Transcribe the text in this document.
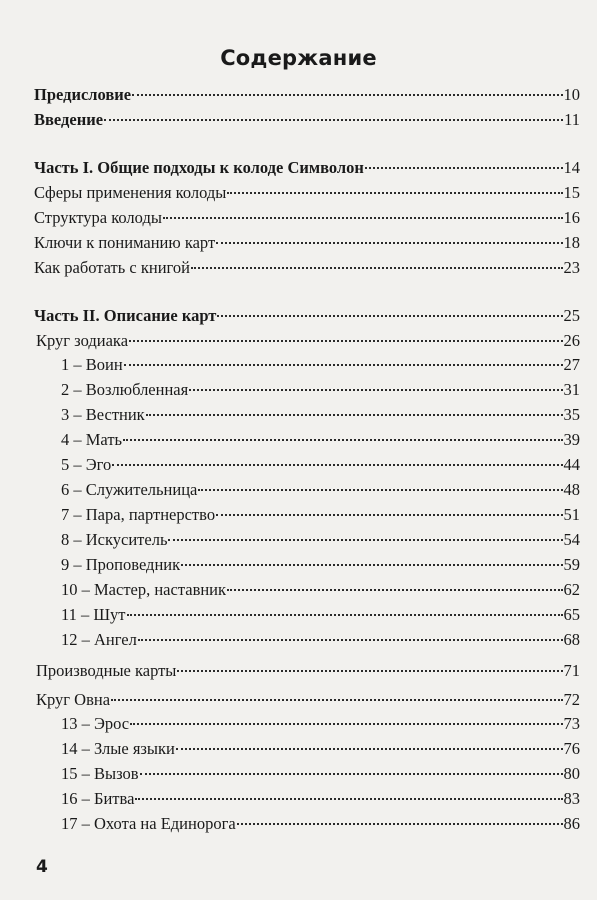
Содержание
Предисловие	10
Введение	11
Часть I. Общие подходы к колоде Символон	14
Сферы применения колоды	15
Структура колоды	16
Ключи к пониманию карт	18
Как работать с книгой	23
Часть II. Описание карт	25
Круг зодиака	26
1 – Воин	27
2 – Возлюбленная	31
3 – Вестник	35
4 – Мать	39
5 – Эго	44
6 – Служительница	48
7 – Пара, партнерство	51
8 – Искуситель	54
9 – Проповедник	59
10 – Мастер, наставник	62
11 – Шут	65
12 – Ангел	68
Производные карты	71
Круг Овна	72
13 – Эрос	73
14 – Злые языки	76
15 – Вызов	80
16 – Битва	83
17 – Охота на Единорога	86
4
